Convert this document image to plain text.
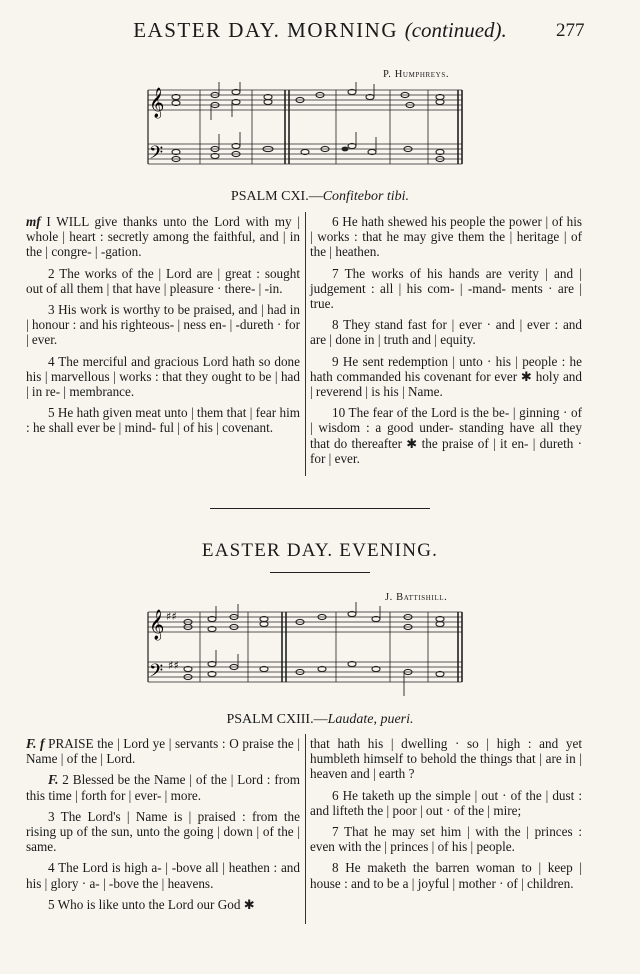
EASTER DAY. MORNING (continued).	277
P. Humphreys.
𝄞
𝄢
PSALM CXI.—Confitebor tibi.

mf I WILL give thanks unto the Lord with my | whole | heart : secretly among the faithful, and | in the | congre- | -gation.

2 The works of the | Lord are | great : sought out of all them | that have | pleasure · there- | -in.

3 His work is worthy to be praised, and | had in | honour : and his righteous- | ness en- | -dureth · for | ever.

4 The merciful and gracious Lord hath so done his | marvellous | works : that they ought to be | had | in re- | membrance.

5 He hath given meat unto | them that | fear him : he shall ever be | mind- ful | of his | covenant.

6 He hath shewed his people the power | of his | works : that he may give them the | heritage | of the | heathen.

7 The works of his hands are verity | and | judgement : all | his com- | -mand- ments · are | true.

8 They stand fast for | ever · and | ever : and are | done in | truth and | equity.

9 He sent redemption | unto · his | people : he hath commanded his covenant for ever ✱ holy and | reverend | is his | Name.

10 The fear of the Lord is the be- | ginning · of | wisdom : a good under- standing have all they that do thereafter ✱ the praise of | it en- | dureth · for | ever.

EASTER DAY. EVENING.
J. Battishill.
𝄞
𝄢
♯♯
♯♯
PSALM CXIII.—Laudate, pueri.

F. f PRAISE the | Lord ye | servants : O praise the | Name | of the | Lord.

F. 2 Blessed be the Name | of the | Lord : from this time | forth for | ever- | more.

3 The Lord's | Name is | praised : from the rising up of the sun, unto the going | down | of the | same.

4 The Lord is high a- | -bove all | heathen : and his | glory · a- | -bove the | heavens.

5 Who is like unto the Lord our God ✱

that hath his | dwelling · so | high : and yet humbleth himself to behold the things that | are in | heaven and | earth ?

6 He taketh up the simple | out · of the | dust : and lifteth the | poor | out · of the | mire;

7 That he may set him | with the | princes : even with the | princes | of his | people.

8 He maketh the barren woman to | keep | house : and to be a | joyful | mother · of | children.
